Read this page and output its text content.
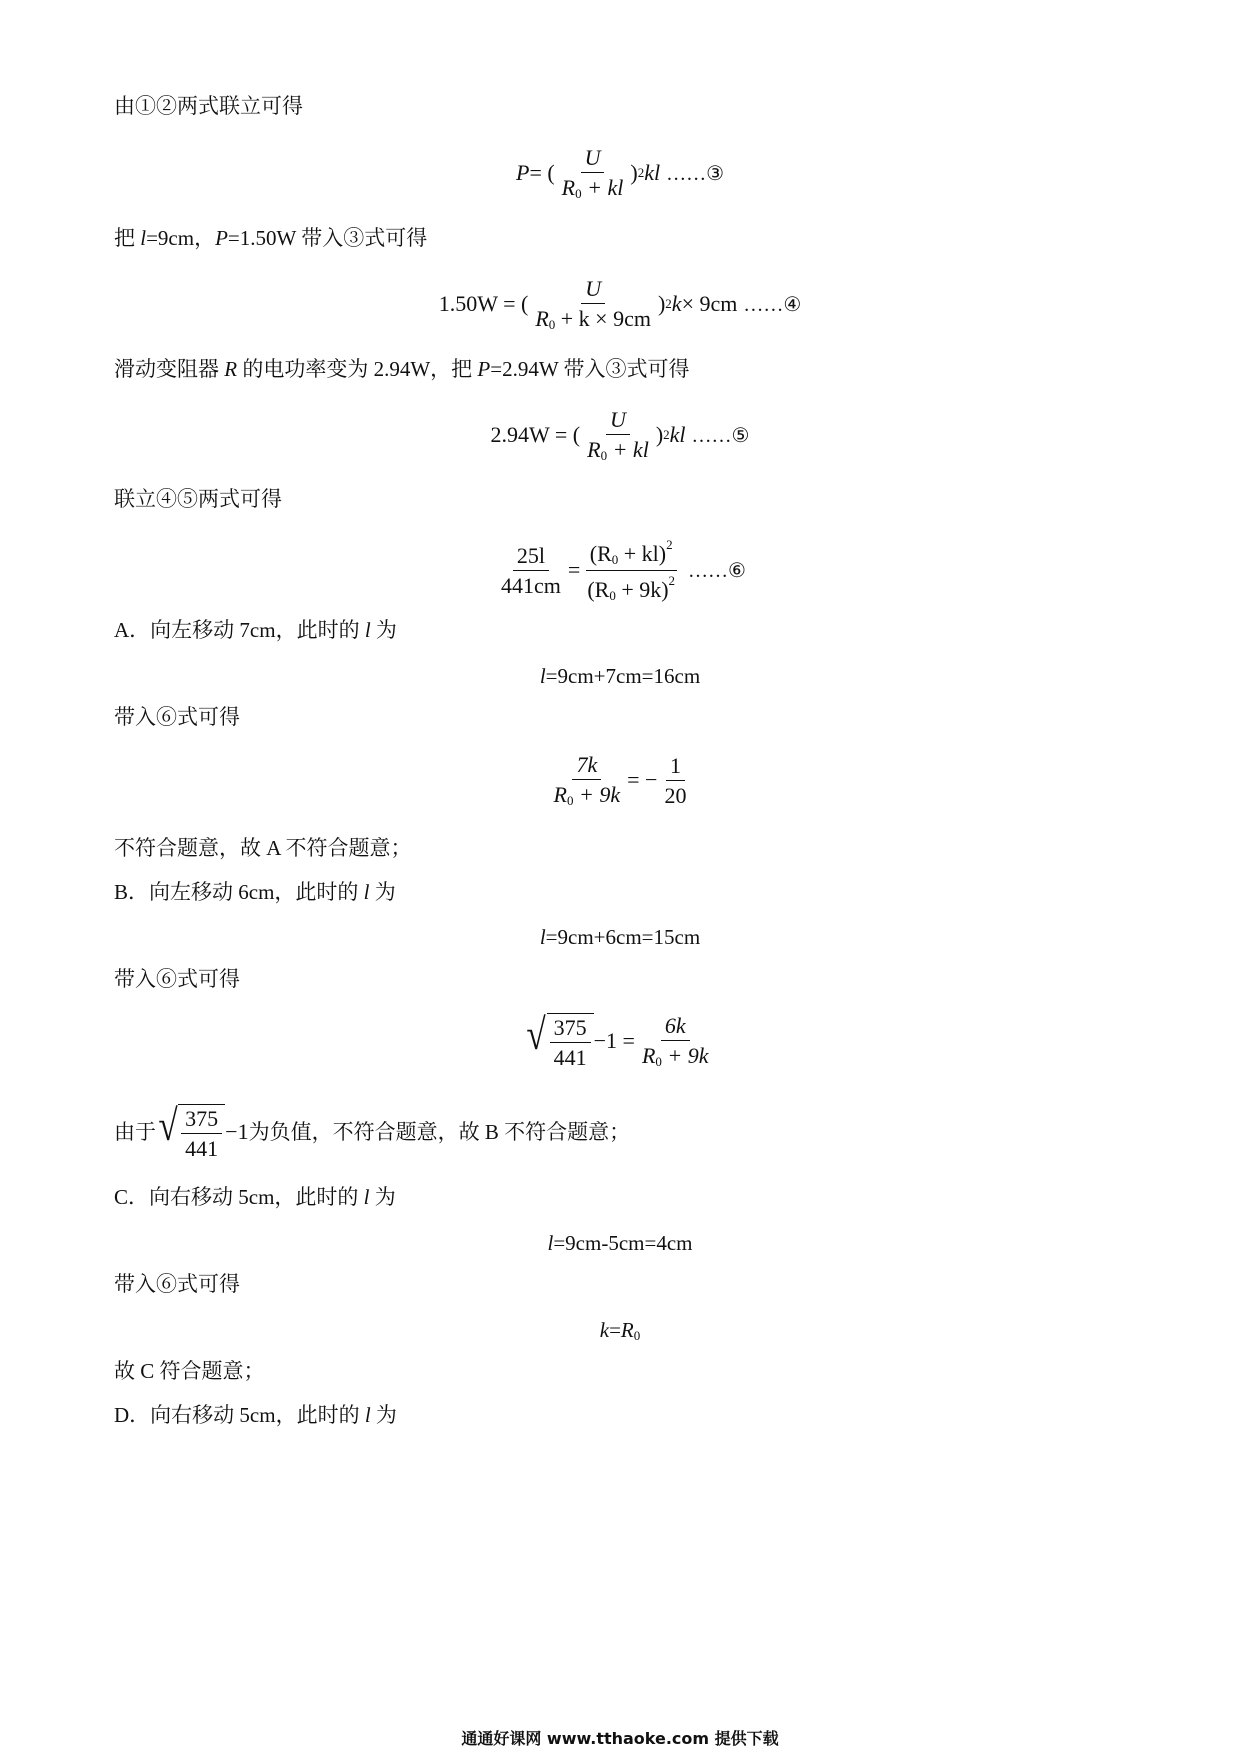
由①②两式联立可得
P = ( $\frac{U}{R_0 + kl}$ ) 2 kl ……③
把 l=9cm，P=1.50W 带入③式可得
1.50W = ( $\frac{U}{R_0 + k \times 9cm}$ ) 2 k × 9cm ……④
滑动变阻器 R 的电功率变为 2.94W，把 P=2.94W 带入③式可得
2.94W = ( $\frac{U}{R_0 + kl}$ ) 2 kl ……⑤
联立④⑤两式可得
$\frac{25l}{441cm} = \frac{(R_0 + kl)^2}{(R_0 + 9k)^2}$ ……⑥
A．向左移动 7cm，此时的 l 为
l=9cm+7cm=16cm
带入⑥式可得
$\frac{7k}{R_0 + 9k}$ = − $\frac{1}{20}$
不符合题意，故 A 不符合题意；
B．向左移动 6cm，此时的 l 为
l=9cm+6cm=15cm
带入⑥式可得
√ $\frac{375}{441} -1 = \frac{6k}{R_0 + 9k}$
由于 √ $\frac{375}{441} -1$ 为负值，不符合题意，故 B 不符合题意；
C．向右移动 5cm，此时的 l 为
l=9cm-5cm=4cm
带入⑥式可得
$k=R_0$
故 C 符合题意；
D．向右移动 5cm，此时的 l 为
通通好课网 www.tthaoke.com 提供下载
